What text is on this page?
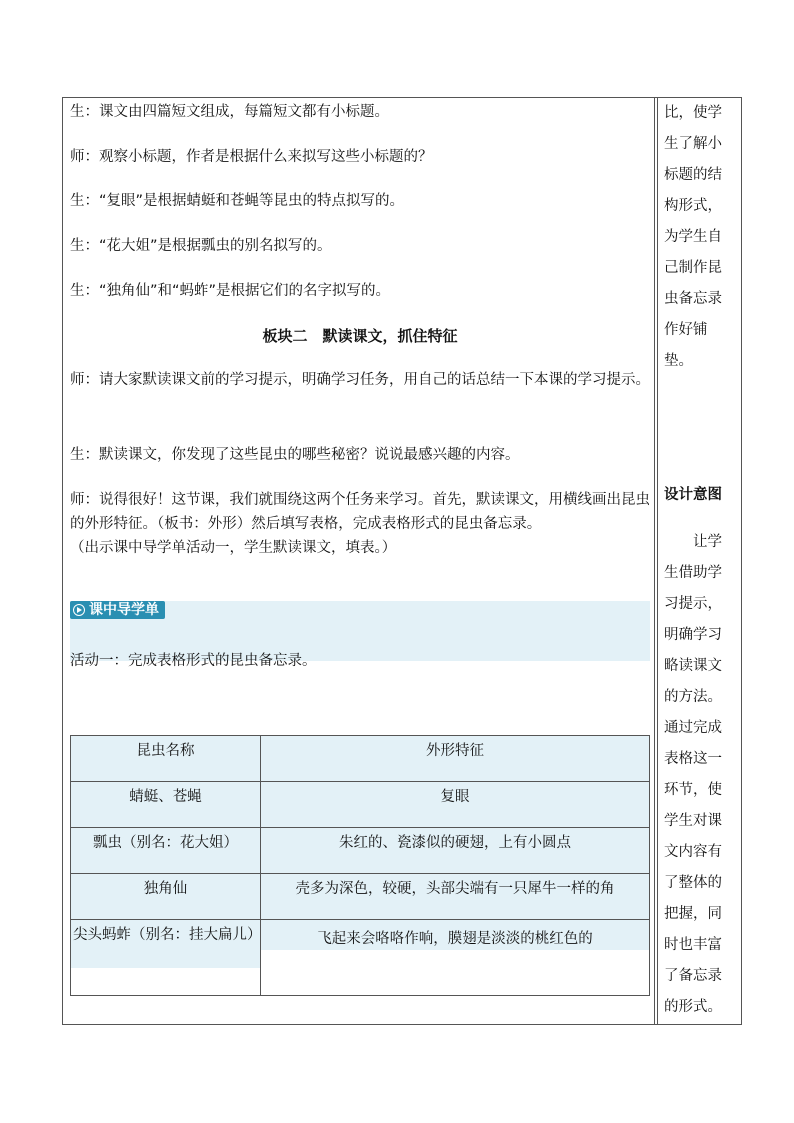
生：课文由四篇短文组成，每篇短文都有小标题。

师：观察小标题，作者是根据什么来拟写这些小标题的？

生：“复眼”是根据蜻蜓和苍蝇等昆虫的特点拟写的。

生：“花大姐”是根据瓢虫的别名拟写的。

生：“独角仙”和“蚂蚱”是根据它们的名字拟写的。

板块二　默读课文，抓住特征

师：请大家默读课文前的学习提示，明确学习任务，用自己的话总结一下本课的学习提示。

生：默读课文，你发现了这些昆虫的哪些秘密？说说最感兴趣的内容。

师：说得很好！这节课，我们就围绕这两个任务来学习。首先，默读课文，用横线画出昆虫的外形特征。（板书：外形）然后填写表格，完成表格形式的昆虫备忘录。

（出示课中导学单活动一，学生默读课文，填表。）

课中导学单

活动一：完成表格形式的昆虫备忘录。

昆虫名称	外形特征

蜻蜓、苍蝇	复眼

瓢虫（别名：花大姐）	朱红的、瓷漆似的硬翅，上有小圆点

独角仙	壳多为深色，较硬，头部尖端有一只犀牛一样的角

尖头蚂蚱（别名：挂大扁儿）	飞起来会咯咯作响，膜翅是淡淡的桃红色的

比，使学

生了解小

标题的结

构形式，

为学生自

己制作昆

虫备忘录

作好铺

垫。

设计意图

　　让学

生借助学

习提示，

明确学习

略读课文

的方法。

通过完成

表格这一

环节，使

学生对课

文内容有

了整体的

把握，同

时也丰富

了备忘录

的形式。
